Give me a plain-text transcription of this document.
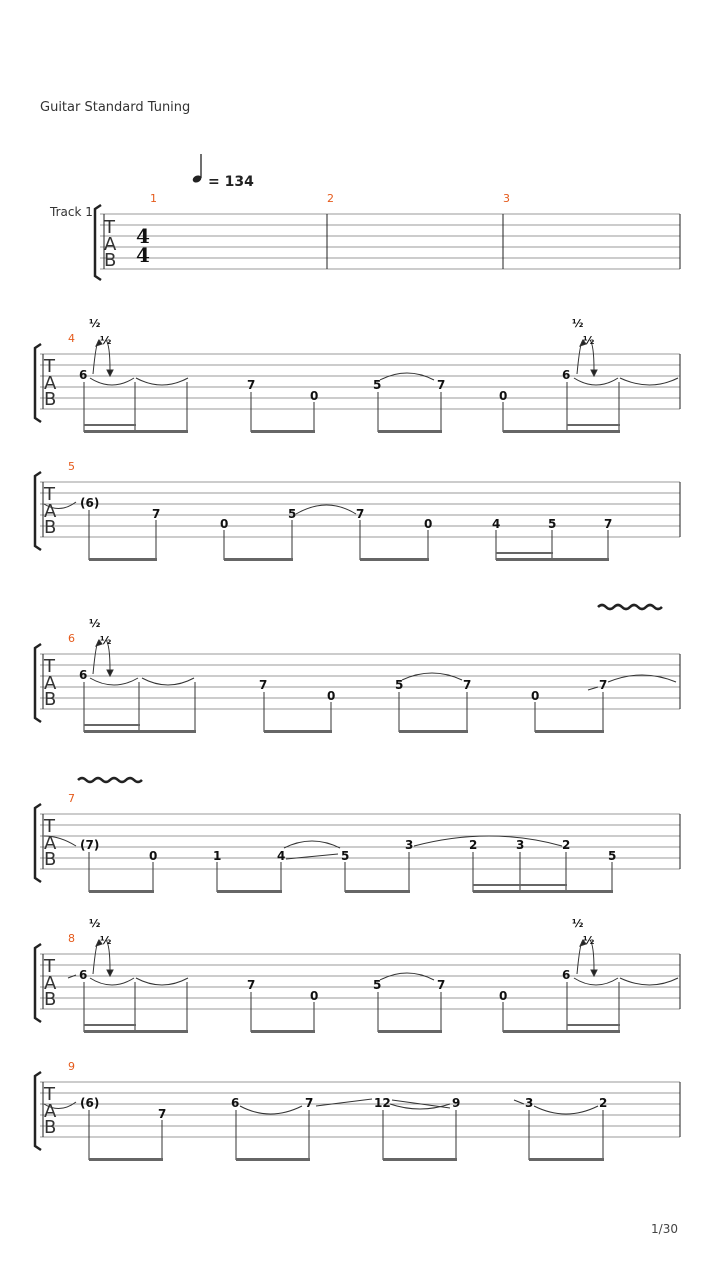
Guitar Standard Tuning
= 134
Track 1
T
A
B
4
4
T
A
B
T
A
B
T
A
B
T
A
B
T
A
B
T
A
B
1	2	3
4
5
6
7
8
9
½
½
½
½
6
7
0
5	7
0
6
(6)
7
0
5	7
0	4	5	7
½
½
6
7
0
5	7
0
7
(7)
0	1	4	5
3	2	3	2
5
½
½
½
½
6
7
0
5	7
0
6
(6)
7
6	7	12	9	3	2
1/30
